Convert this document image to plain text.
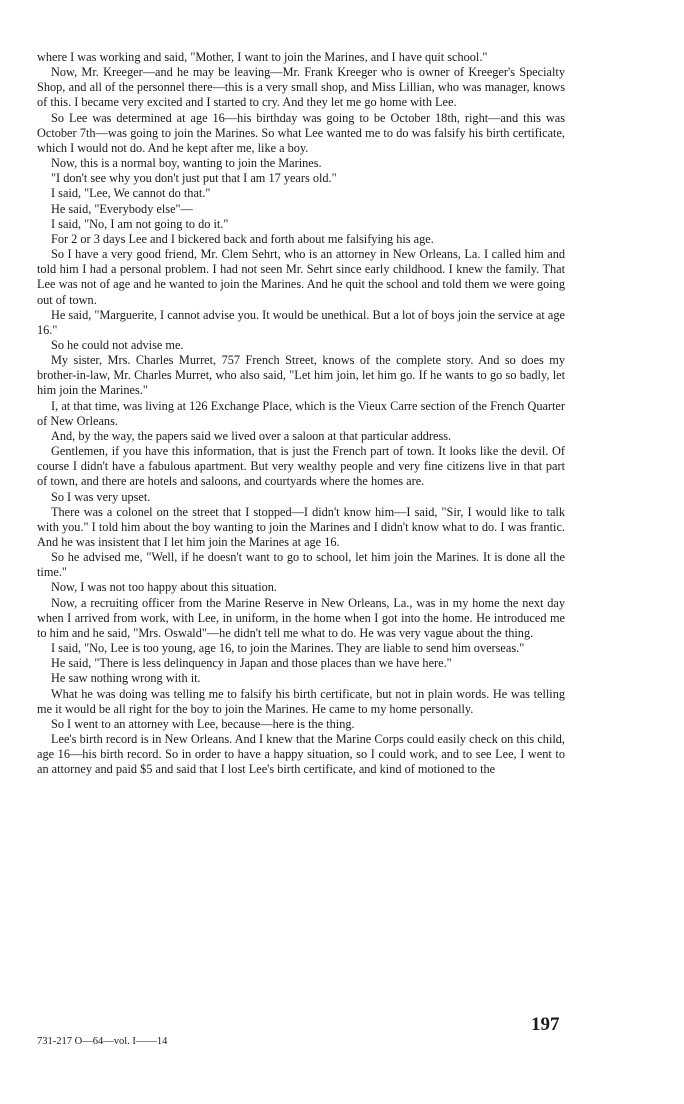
where I was working and said, "Mother, I want to join the Marines, and I have quit school."

Now, Mr. Kreeger—and he may be leaving—Mr. Frank Kreeger who is owner of Kreeger's Specialty Shop, and all of the personnel there—this is a very small shop, and Miss Lillian, who was manager, knows of this. I became very excited and I started to cry. And they let me go home with Lee.

So Lee was determined at age 16—his birthday was going to be October 18th, right—and this was October 7th—was going to join the Marines. So what Lee wanted me to do was falsify his birth certificate, which I would not do. And he kept after me, like a boy.

Now, this is a normal boy, wanting to join the Marines.

"I don't see why you don't just put that I am 17 years old."

I said, "Lee, We cannot do that."

He said, "Everybody else"—

I said, "No, I am not going to do it."

For 2 or 3 days Lee and I bickered back and forth about me falsifying his age.

So I have a very good friend, Mr. Clem Sehrt, who is an attorney in New Orleans, La. I called him and told him I had a personal problem. I had not seen Mr. Sehrt since early childhood. I knew the family. That Lee was not of age and he wanted to join the Marines. And he quit the school and told them we were going out of town.

He said, "Marguerite, I cannot advise you. It would be unethical. But a lot of boys join the service at age 16."

So he could not advise me.

My sister, Mrs. Charles Murret, 757 French Street, knows of the complete story. And so does my brother-in-law, Mr. Charles Murret, who also said, "Let him join, let him go. If he wants to go so badly, let him join the Marines."

I, at that time, was living at 126 Exchange Place, which is the Vieux Carre section of the French Quarter of New Orleans.

And, by the way, the papers said we lived over a saloon at that particular address.

Gentlemen, if you have this information, that is just the French part of town. It looks like the devil. Of course I didn't have a fabulous apartment. But very wealthy people and very fine citizens live in that part of town, and there are hotels and saloons, and courtyards where the homes are.

So I was very upset.

There was a colonel on the street that I stopped—I didn't know him—I said, "Sir, I would like to talk with you." I told him about the boy wanting to join the Marines and I didn't know what to do. I was frantic. And he was insistent that I let him join the Marines at age 16.

So he advised me, "Well, if he doesn't want to go to school, let him join the Marines. It is done all the time."

Now, I was not too happy about this situation.

Now, a recruiting officer from the Marine Reserve in New Orleans, La., was in my home the next day when I arrived from work, with Lee, in uniform, in the home when I got into the home. He introduced me to him and he said, "Mrs. Oswald"—he didn't tell me what to do. He was very vague about the thing.

I said, "No, Lee is too young, age 16, to join the Marines. They are liable to send him overseas."

He said, "There is less delinquency in Japan and those places than we have here."

He saw nothing wrong with it.

What he was doing was telling me to falsify his birth certificate, but not in plain words. He was telling me it would be all right for the boy to join the Marines. He came to my home personally.

So I went to an attorney with Lee, because—here is the thing.

Lee's birth record is in New Orleans. And I knew that the Marine Corps could easily check on this child, age 16—his birth record. So in order to have a happy situation, so I could work, and to see Lee, I went to an attorney and paid $5 and said that I lost Lee's birth certificate, and kind of motioned to the

197
731-217 O—64—vol. I——14
